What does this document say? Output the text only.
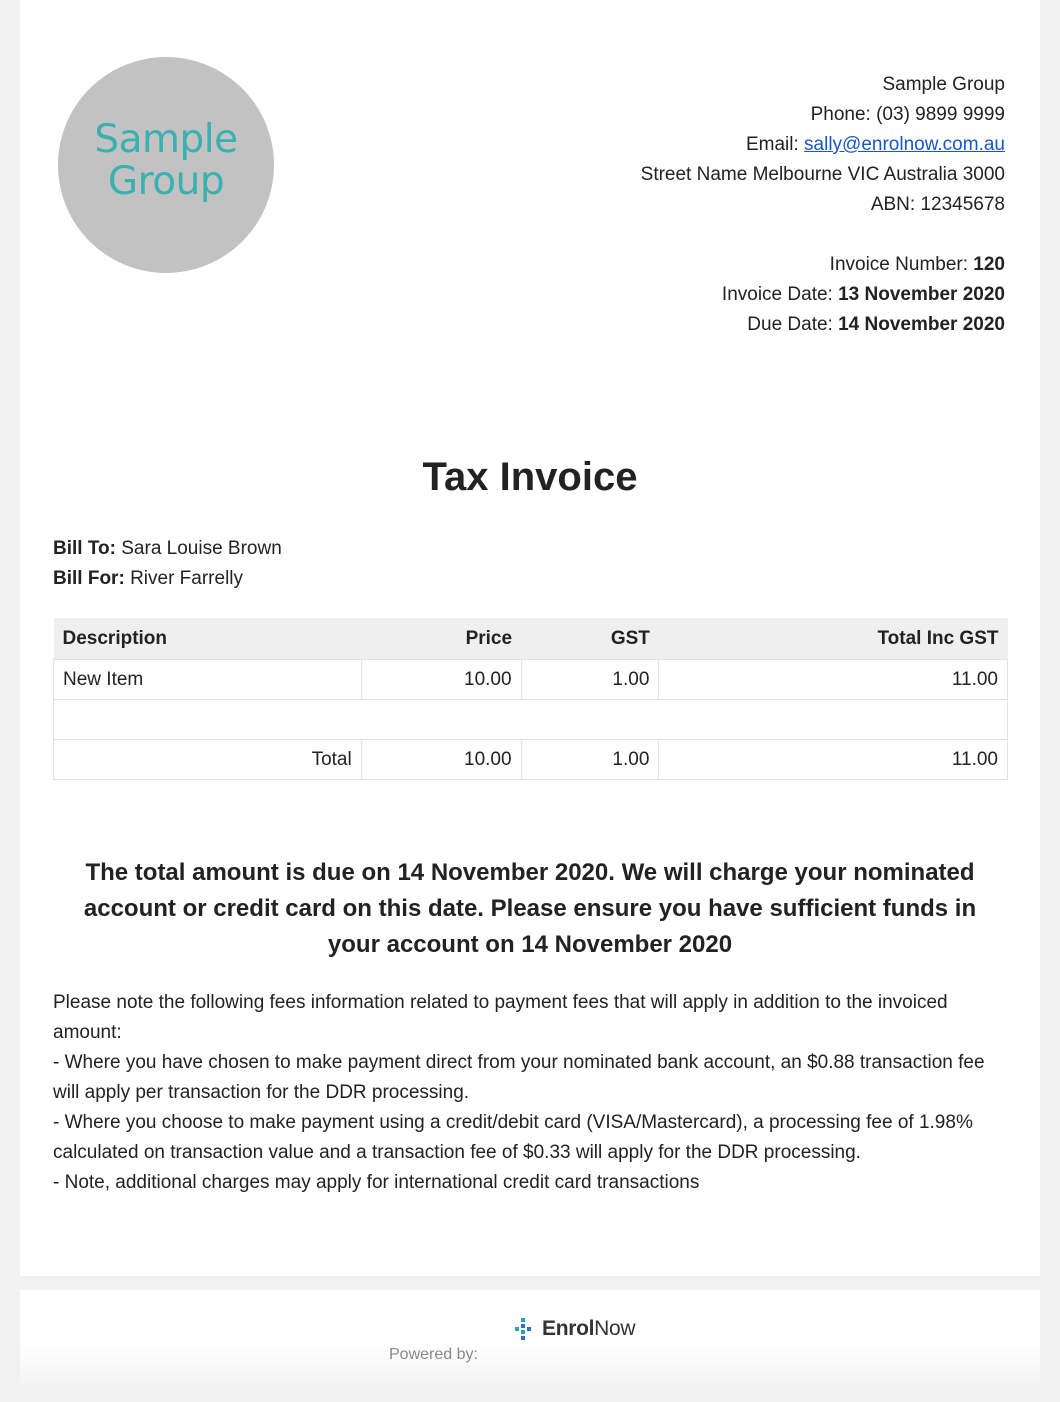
Sample
Group
Sample Group
Phone: (03) 9899 9999
Email: sally@enrolnow.com.au
Street Name Melbourne VIC Australia 3000
ABN: 12345678
Invoice Number: 120
Invoice Date: 13 November 2020
Due Date: 14 November 2020
Tax Invoice
Bill To: Sara Louise Brown
Bill For: River Farrelly
Description	Price	GST	Total Inc GST
New Item	10.00	1.00	11.00

Total	10.00	1.00	11.00
The total amount is due on 14 November 2020. We will charge your nominated account or credit card on this date. Please ensure you have sufficient funds in your account on 14 November 2020
Please note the following fees information related to payment fees that will apply in addition to the invoiced amount:
- Where you have chosen to make payment direct from your nominated bank account, an $0.88 transaction fee will apply per transaction for the DDR processing.
- Where you choose to make payment using a credit/debit card (VISA/Mastercard), a processing fee of 1.98% calculated on transaction value and a transaction fee of $0.33 will apply for the DDR processing.
- Note, additional charges may apply for international credit card transactions
Powered by:
EnrolNow
